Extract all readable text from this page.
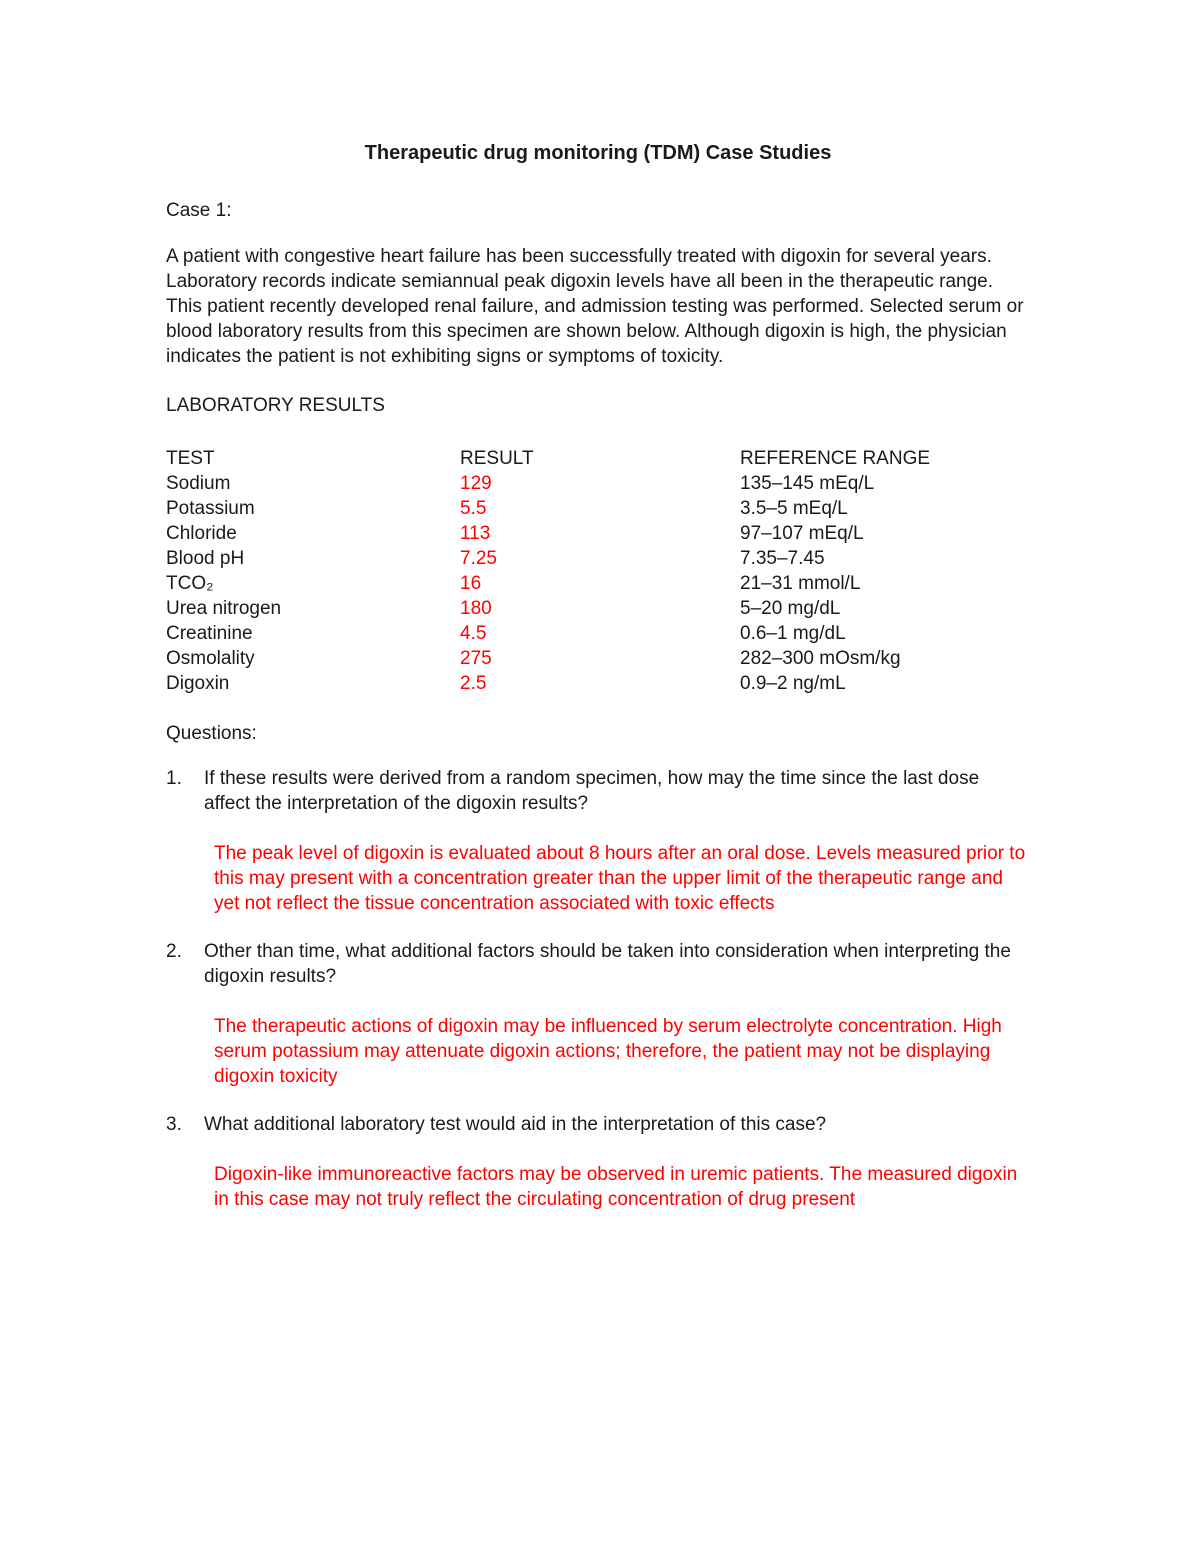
Therapeutic drug monitoring (TDM) Case Studies

Case 1:

A patient with congestive heart failure has been successfully treated with digoxin for several years. Laboratory records indicate semiannual peak digoxin levels have all been in the therapeutic range. This patient recently developed renal failure, and admission testing was performed. Selected serum or blood laboratory results from this specimen are shown below. Although digoxin is high, the physician indicates the patient is not exhibiting signs or symptoms of toxicity.

LABORATORY RESULTS

TEST	RESULT	REFERENCE RANGE
Sodium	129	135–145 mEq/L
Potassium	5.5	3.5–5 mEq/L
Chloride	113	97–107 mEq/L
Blood pH	7.25	7.35–7.45
TCO₂	16	21–31 mmol/L
Urea nitrogen	180	5–20 mg/dL
Creatinine	4.5	0.6–1 mg/dL
Osmolality	275	282–300 mOsm/kg
Digoxin	2.5	0.9–2 ng/mL

Questions:

1.	If these results were derived from a random specimen, how may the time since the last dose affect the interpretation of the digoxin results?

The peak level of digoxin is evaluated about 8 hours after an oral dose. Levels measured prior to this may present with a concentration greater than the upper limit of the therapeutic range and yet not reflect the tissue concentration associated with toxic effects

2.	Other than time, what additional factors should be taken into consideration when interpreting the digoxin results?

The therapeutic actions of digoxin may be influenced by serum electrolyte concentration. High serum potassium may attenuate digoxin actions; therefore, the patient may not be displaying digoxin toxicity

3.	What additional laboratory test would aid in the interpretation of this case?

Digoxin-like immunoreactive factors may be observed in uremic patients. The measured digoxin in this case may not truly reflect the circulating concentration of drug present
